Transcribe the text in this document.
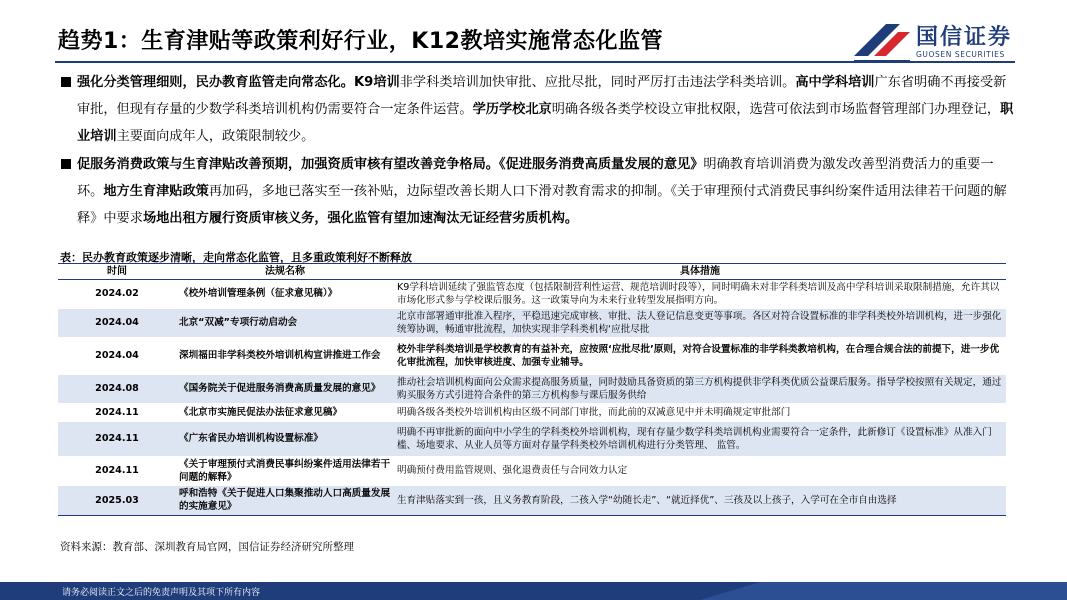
趋势1：生育津贴等政策利好行业，K12教培实施常态化监管	国信证券
GUOSEN SECURITIES
强化分类管理细则，民办教育监管走向常态化。K9培训非学科类培训加快审批、应批尽批，同时严厉打击违法学科类培训。高中学科培训广东省明确不再接受新审批，但现有存量的少数学科类培训机构仍需要符合一定条件运营。学历学校北京明确各级各类学校设立审批权限，选营可依法到市场监督管理部门办理登记，职业培训主要面向成年人，政策限制较少。
促服务消费政策与生育津贴改善预期，加强资质审核有望改善竞争格局。《促进服务消费高质量发展的意见》明确教育培训消费为激发改善型消费活力的重要一环。地方生育津贴政策再加码，多地已落实至一孩补贴，边际望改善长期人口下滑对教育需求的抑制。《关于审理预付式消费民事纠纷案件适用法律若干问题的解释》中要求场地出租方履行资质审核义务，强化监管有望加速淘汰无证经营劣质机构。
表：民办教育政策逐步清晰，走向常态化监管，且多重政策利好不断释放
时间	法规名称	具体措施
2024.02	《校外培训管理条例（征求意见稿）》	K9学科培训延续了强监管态度（包括限制营利性运营、规范培训时段等），同时明确未对非学科类培训及高中学科培训采取限制措施，允许其以市场化形式参与学校课后服务。这一政策导向为未来行业转型发展指明方向。
2024.04	北京“双减”专项行动启动会	北京市部署通审批准入程序，平稳迅速完成审核、审批、法人登记信息变更等事项。各区对符合设置标准的非学科类校外培训机构，进一步强化统筹协调，畅通审批流程，加快实现非学科类机构‘应批尽批
2024.04	深圳福田非学科类校外培训机构宣讲推进工作会	校外非学科类培训是学校教育的有益补充，应按照‘应批尽批’原则，对符合设置标准的非学科类教培机构，在合理合规合法的前提下，进一步优化审批流程，加快审核进度、加强专业辅导。
2024.08	《国务院关于促进服务消费高质量发展的意见》	推动社会培训机构面向公众需求提高服务质量，同时鼓励具备资质的第三方机构提供非学科类优质公益课后服务。指导学校按照有关规定，通过购买服务方式引进符合条件的第三方机构参与课后服务供给
2024.11	《北京市实施民促法办法征求意见稿》	明确各级各类校外培训机构由区级不同部门审批，而此前的双减意见中并未明确规定审批部门
2024.11	《广东省民办培训机构设置标准》	明确不再审批新的面向中小学生的学科类校外培训机构，现有存量少数学科类培训机构业需要符合一定条件，此新修订《设置标准》从准入门槛、场地要求、从业人员等方面对存量学科类校外培训机构进行分类管理、 监管。
2024.11	《关于审理预付式消费民事纠纷案件适用法律若干问题的解释》	明确预付费用监管规则、强化退费责任与合同效力认定
2025.03	呼和浩特《关于促进人口集聚推动人口高质量发展的实施意见》	生育津贴落实到一孩，且义务教育阶段，二孩入学“幼随长走”、“就近择优”、三孩及以上孩子，入学可在全市自由选择
资料来源：教育部、深圳教育局官网，国信证券经济研究所整理
请务必阅读正文之后的免责声明及其项下所有内容
